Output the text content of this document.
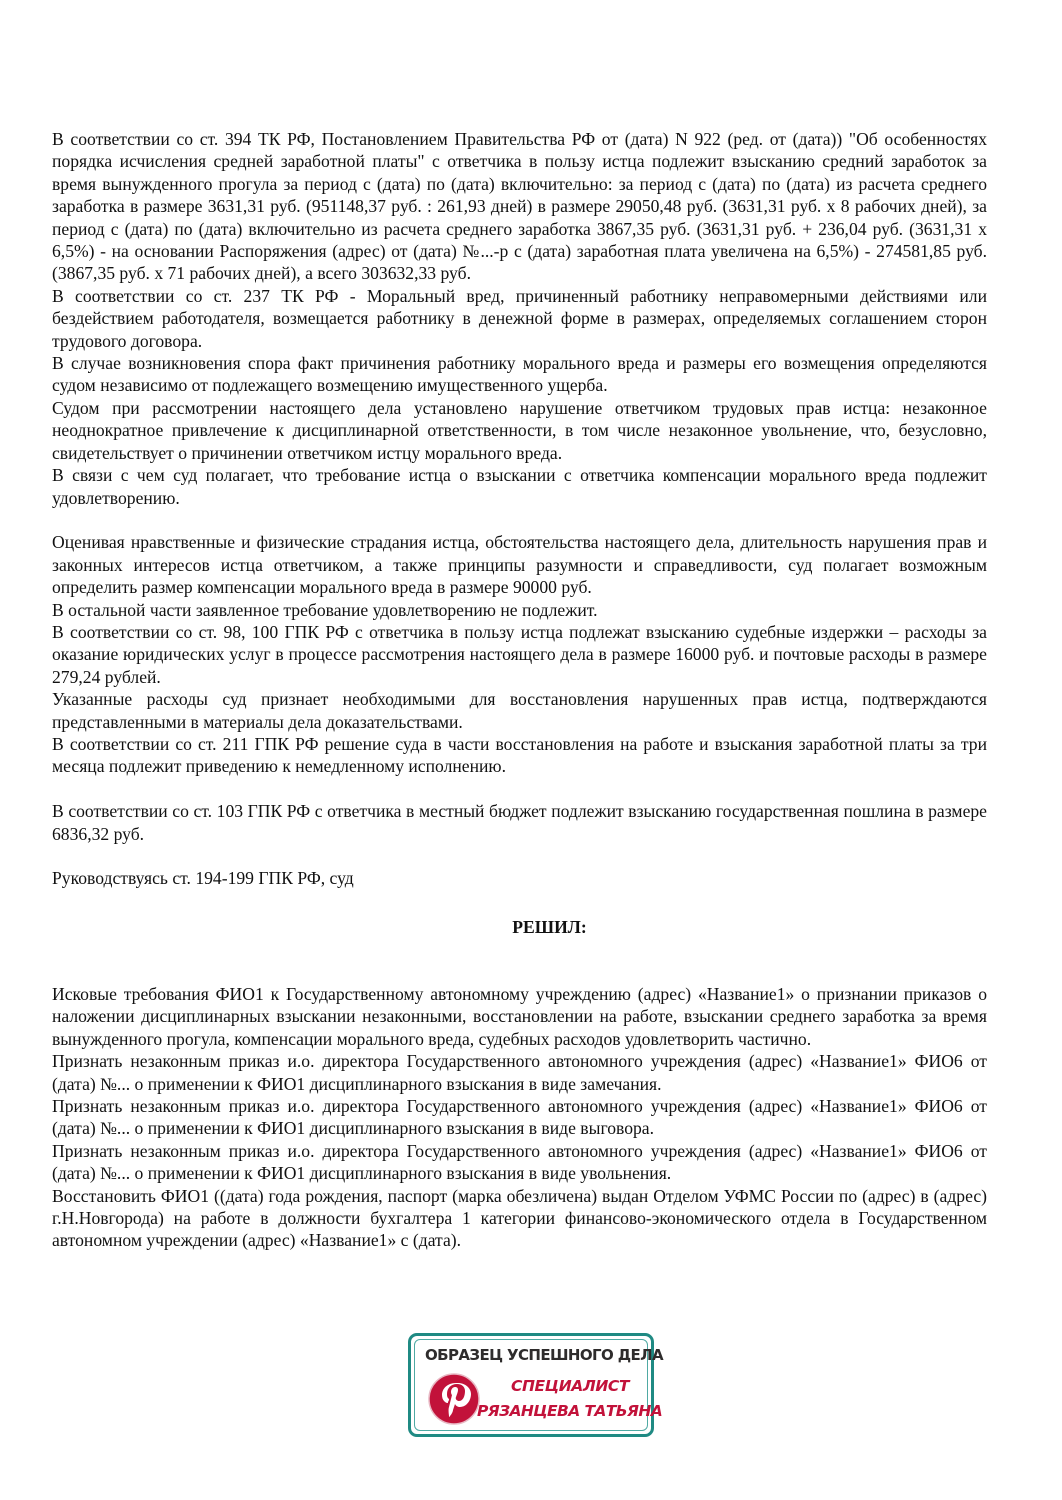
В соответствии со ст. 394 ТК РФ, Постановлением Правительства РФ от (дата) N 922 (ред. от (дата)) "Об особенностях порядка исчисления средней заработной платы" с ответчика в пользу истца подлежит взысканию средний заработок за время вынужденного прогула за период с (дата) по (дата) включительно: за период с (дата) по (дата) из расчета среднего заработка в размере 3631,31 руб. (951148,37 руб. : 261,93 дней) в размере 29050,48 руб. (3631,31 руб. х 8 рабочих дней), за период с (дата) по (дата) включительно из расчета среднего заработка 3867,35 руб. (3631,31 руб. + 236,04 руб. (3631,31 х 6,5%) - на основании Распоряжения (адрес) от (дата) №...-р с (дата) заработная плата увеличена на 6,5%) - 274581,85 руб. (3867,35 руб. х 71 рабочих дней), а всего 303632,33 руб.

В соответствии со ст. 237 ТК РФ - Моральный вред, причиненный работнику неправомерными действиями или бездействием работодателя, возмещается работнику в денежной форме в размерах, определяемых соглашением сторон трудового договора.

В случае возникновения спора факт причинения работнику морального вреда и размеры его возмещения определяются судом независимо от подлежащего возмещению имущественного ущерба.

Судом при рассмотрении настоящего дела установлено нарушение ответчиком трудовых прав истца: незаконное неоднократное привлечение к дисциплинарной ответственности, в том числе незаконное увольнение, что, безусловно, свидетельствует о причинении ответчиком истцу морального вреда.

В связи с чем суд полагает, что требование истца о взыскании с ответчика компенсации морального вреда подлежит удовлетворению.

Оценивая нравственные и физические страдания истца, обстоятельства настоящего дела, длительность нарушения прав и законных интересов истца ответчиком, а также принципы разумности и справедливости, суд полагает возможным определить размер компенсации морального вреда в размере 90000 руб.

В остальной части заявленное требование удовлетворению не подлежит.

В соответствии со ст. 98, 100 ГПК РФ с ответчика в пользу истца подлежат взысканию судебные издержки – расходы за оказание юридических услуг в процессе рассмотрения настоящего дела в размере 16000 руб. и почтовые расходы в размере 279,24 рублей.

Указанные расходы суд признает необходимыми для восстановления нарушенных прав истца, подтверждаются представленными в материалы дела доказательствами.

В соответствии со ст. 211 ГПК РФ решение суда в части восстановления на работе и взыскания заработной платы за три месяца подлежит приведению к немедленному исполнению.

В соответствии со ст. 103 ГПК РФ с ответчика в местный бюджет подлежит взысканию государственная пошлина в размере 6836,32 руб.

Руководствуясь ст. 194-199 ГПК РФ, суд

РЕШИЛ:

Исковые требования ФИО1 к Государственному автономному учреждению (адрес) «Название1» о признании приказов о наложении дисциплинарных взыскании незаконными, восстановлении на работе, взыскании среднего заработка за время вынужденного прогула, компенсации морального вреда, судебных расходов удовлетворить частично.

Признать незаконным приказ и.о. директора Государственного автономного учреждения (адрес) «Название1» ФИО6 от (дата) №... о применении к ФИО1 дисциплинарного взыскания в виде замечания.

Признать незаконным приказ и.о. директора Государственного автономного учреждения (адрес) «Название1» ФИО6 от (дата) №... о применении к ФИО1 дисциплинарного взыскания в виде выговора.

Признать незаконным приказ и.о. директора Государственного автономного учреждения (адрес) «Название1» ФИО6 от (дата) №... о применении к ФИО1 дисциплинарного взыскания в виде увольнения.

Восстановить ФИО1 ((дата) года рождения, паспорт (марка обезличена) выдан Отделом УФМС России по (адрес) в (адрес) г.Н.Новгорода) на работе в должности бухгалтера 1 категории финансово-экономического отдела в Государственном автономном учреждении (адрес) «Название1» с (дата).

ОБРАЗЕЦ УСПЕШНОГО ДЕЛА
СПЕЦИАЛИСТ
РЯЗАНЦЕВА ТАТЬЯНА
